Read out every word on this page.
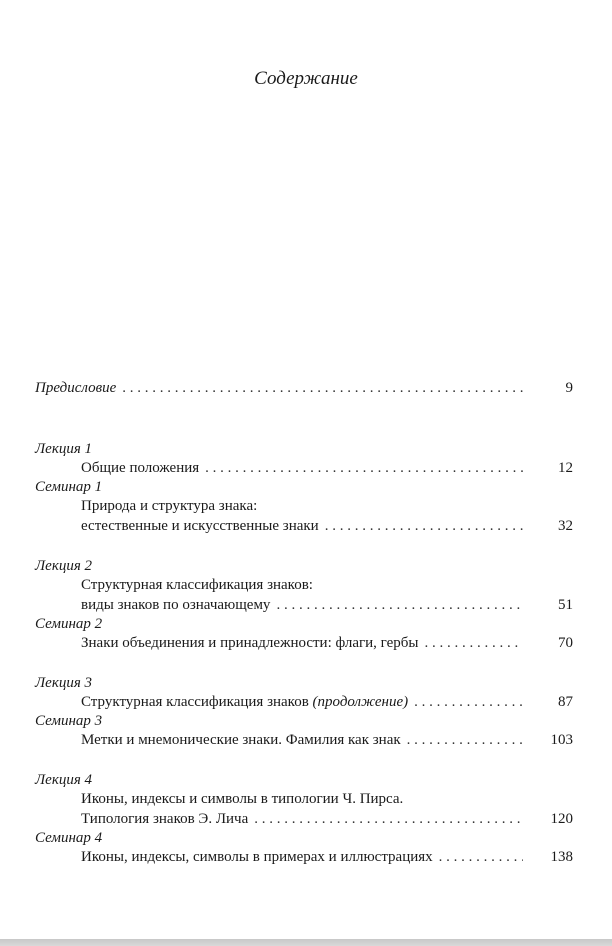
Содержание
Предисловие . . .	9
Лекция 1
Общие положения . . .	12
Семинар 1
Природа и структура знака:
естественные и искусственные знаки . . .	32
Лекция 2
Структурная классификация знаков:
виды знаков по означающему . . .	51
Семинар 2
Знаки объединения и принадлежности: флаги, гербы . . .	70
Лекция 3
Структурная классификация знаков (продолжение) . . .	87
Семинар 3
Метки и мнемонические знаки. Фамилия как знак . . .	103
Лекция 4
Иконы, индексы и символы в типологии Ч. Пирса.
Типология знаков Э. Лича . . .	120
Семинар 4
Иконы, индексы, символы в примерах и иллюстрациях . . .	138
